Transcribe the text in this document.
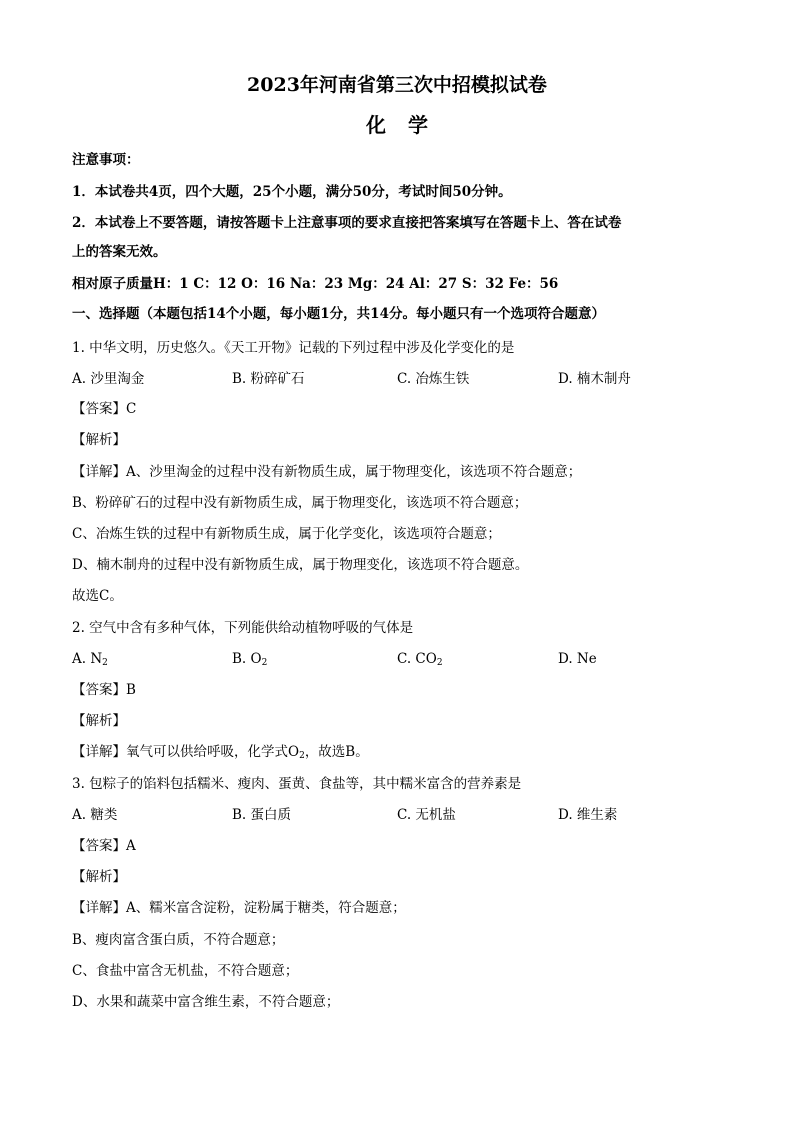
2023年河南省第三次中招模拟试卷
化学
注意事项：
1．本试卷共4页，四个大题，25个小题，满分50分，考试时间50分钟。
2．本试卷上不要答题，请按答题卡上注意事项的要求直接把答案填写在答题卡上、答在试卷
上的答案无效。
相对原子质量H：1 C：12 O：16 Na：23 Mg：24 Al：27 S：32 Fe：56
一、选择题（本题包括14个小题，每小题1分，共14分。每小题只有一个选项符合题意）
1. 中华文明，历史悠久。《天工开物》记载的下列过程中涉及化学变化的是
A. 沙里淘金	B. 粉碎矿石	C. 冶炼生铁	D. 楠木制舟
【答案】C
【解析】
【详解】A、沙里淘金的过程中没有新物质生成，属于物理变化，该选项不符合题意；
B、粉碎矿石的过程中没有新物质生成，属于物理变化，该选项不符合题意；
C、冶炼生铁的过程中有新物质生成，属于化学变化，该选项符合题意；
D、楠木制舟的过程中没有新物质生成，属于物理变化，该选项不符合题意。
故选C。
2. 空气中含有多种气体，下列能供给动植物呼吸的气体是
A. $N_2$	B. $O_2$	C. $CO_2$	D. Ne
【答案】B
【解析】
【详解】氧气可以供给呼吸，化学式$O_2$，故选B。
3. 包粽子的馅料包括糯米、瘦肉、蛋黄、食盐等，其中糯米富含的营养素是
A. 糖类	B. 蛋白质	C. 无机盐	D. 维生素
【答案】A
【解析】
【详解】A、糯米富含淀粉，淀粉属于糖类，符合题意；
B、瘦肉富含蛋白质，不符合题意；
C、食盐中富含无机盐，不符合题意；
D、水果和蔬菜中富含维生素，不符合题意；
